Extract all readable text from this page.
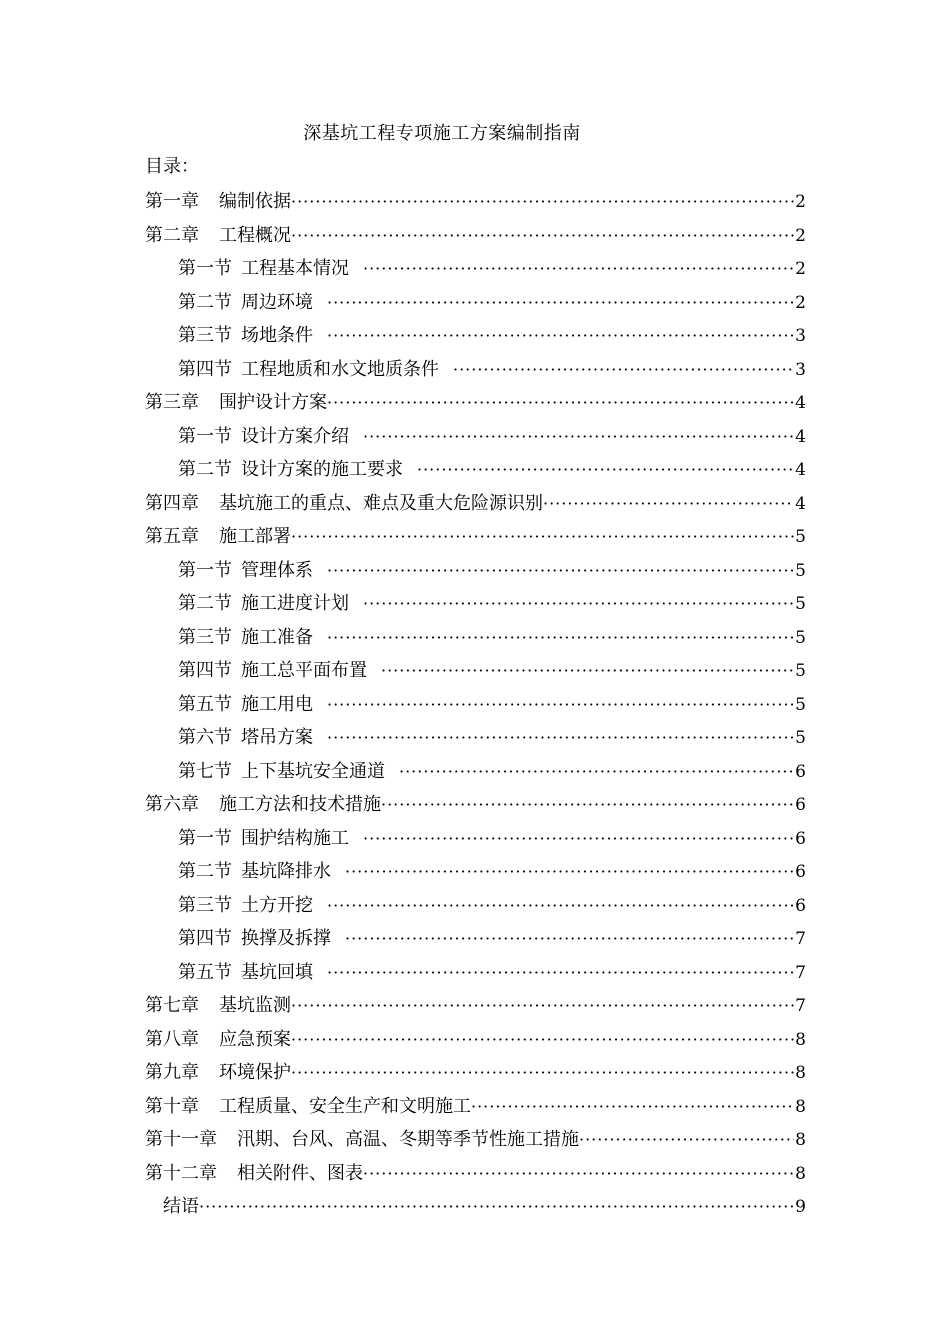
深基坑工程专项施工方案编制指南
目录：
第一章 编制依据 ·····	2
第二章 工程概况 ·····	2
第一节 工程基本情况 ·····	2
第二节 周边环境 ·····	2
第三节 场地条件 ·····	3
第四节 工程地质和水文地质条件 ·····	3
第三章 围护设计方案 ·····	4
第一节 设计方案介绍 ·····	4
第二节 设计方案的施工要求 ·····	4
第四章 基坑施工的重点、难点及重大危险源识别 ·····	4
第五章 施工部署 ·····	5
第一节 管理体系 ·····	5
第二节 施工进度计划 ·····	5
第三节 施工准备 ·····	5
第四节 施工总平面布置 ·····	5
第五节 施工用电 ·····	5
第六节 塔吊方案 ·····	5
第七节 上下基坑安全通道 ·····	6
第六章 施工方法和技术措施 ·····	6
第一节 围护结构施工 ·····	6
第二节 基坑降排水 ·····	6
第三节 土方开挖 ·····	6
第四节 换撑及拆撑 ·····	7
第五节 基坑回填 ·····	7
第七章 基坑监测 ·····	7
第八章 应急预案 ·····	8
第九章 环境保护 ·····	8
第十章 工程质量、安全生产和文明施工 ·····	8
第十一章 汛期、台风、高温、冬期等季节性施工措施 ·····	8
第十二章 相关附件、图表 ·····	8
结语 ·····	9
